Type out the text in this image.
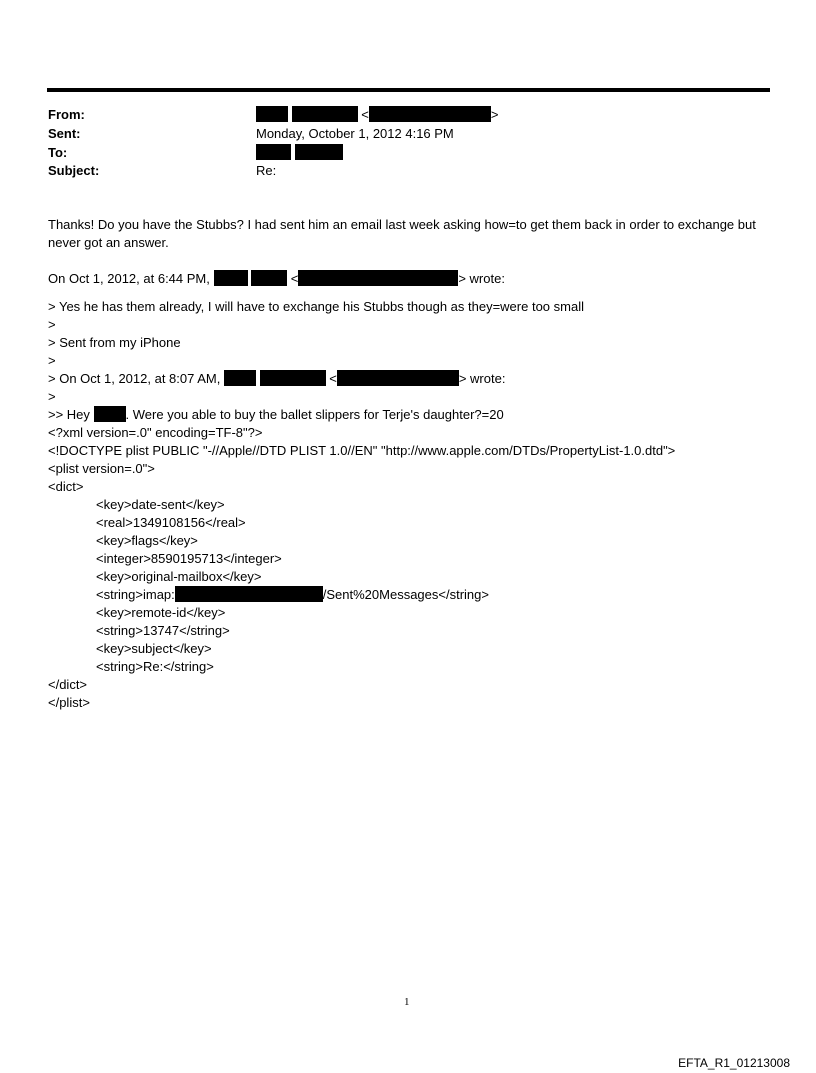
From:	<	>
Sent:	Monday, October 1, 2012 4:16 PM
To:

Subject:	Re:
Thanks! Do you have the Stubbs? I had sent him an email last week asking how=to get them back in order to exchange but never got an answer.
On Oct 1, 2012, at 6:44 PM,	<	> wrote:
> Yes he has them already, I will have to exchange his Stubbs though as they=were too small
>
> Sent from my iPhone
>
> On Oct 1, 2012, at 8:07 AM,	<	> wrote:
>
>> Hey	. Were you able to buy the ballet slippers for Terje's daughter?=20
<?xml version=.0" encoding=TF-8"?>
<!DOCTYPE plist PUBLIC "-//Apple//DTD PLIST 1.0//EN" "http://www.apple.com/DTDs/PropertyList-1.0.dtd">
<plist version=.0">
<dict>
<key>date-sent</key>
<real>1349108156</real>
<key>flags</key>
<integer>8590195713</integer>
<key>original-mailbox</key>
<string>imap:	/Sent%20Messages</string>
<key>remote-id</key>
<string>13747</string>
<key>subject</key>
<string>Re:</string>
</dict>
</plist>
1
EFTA_R1_01213008
